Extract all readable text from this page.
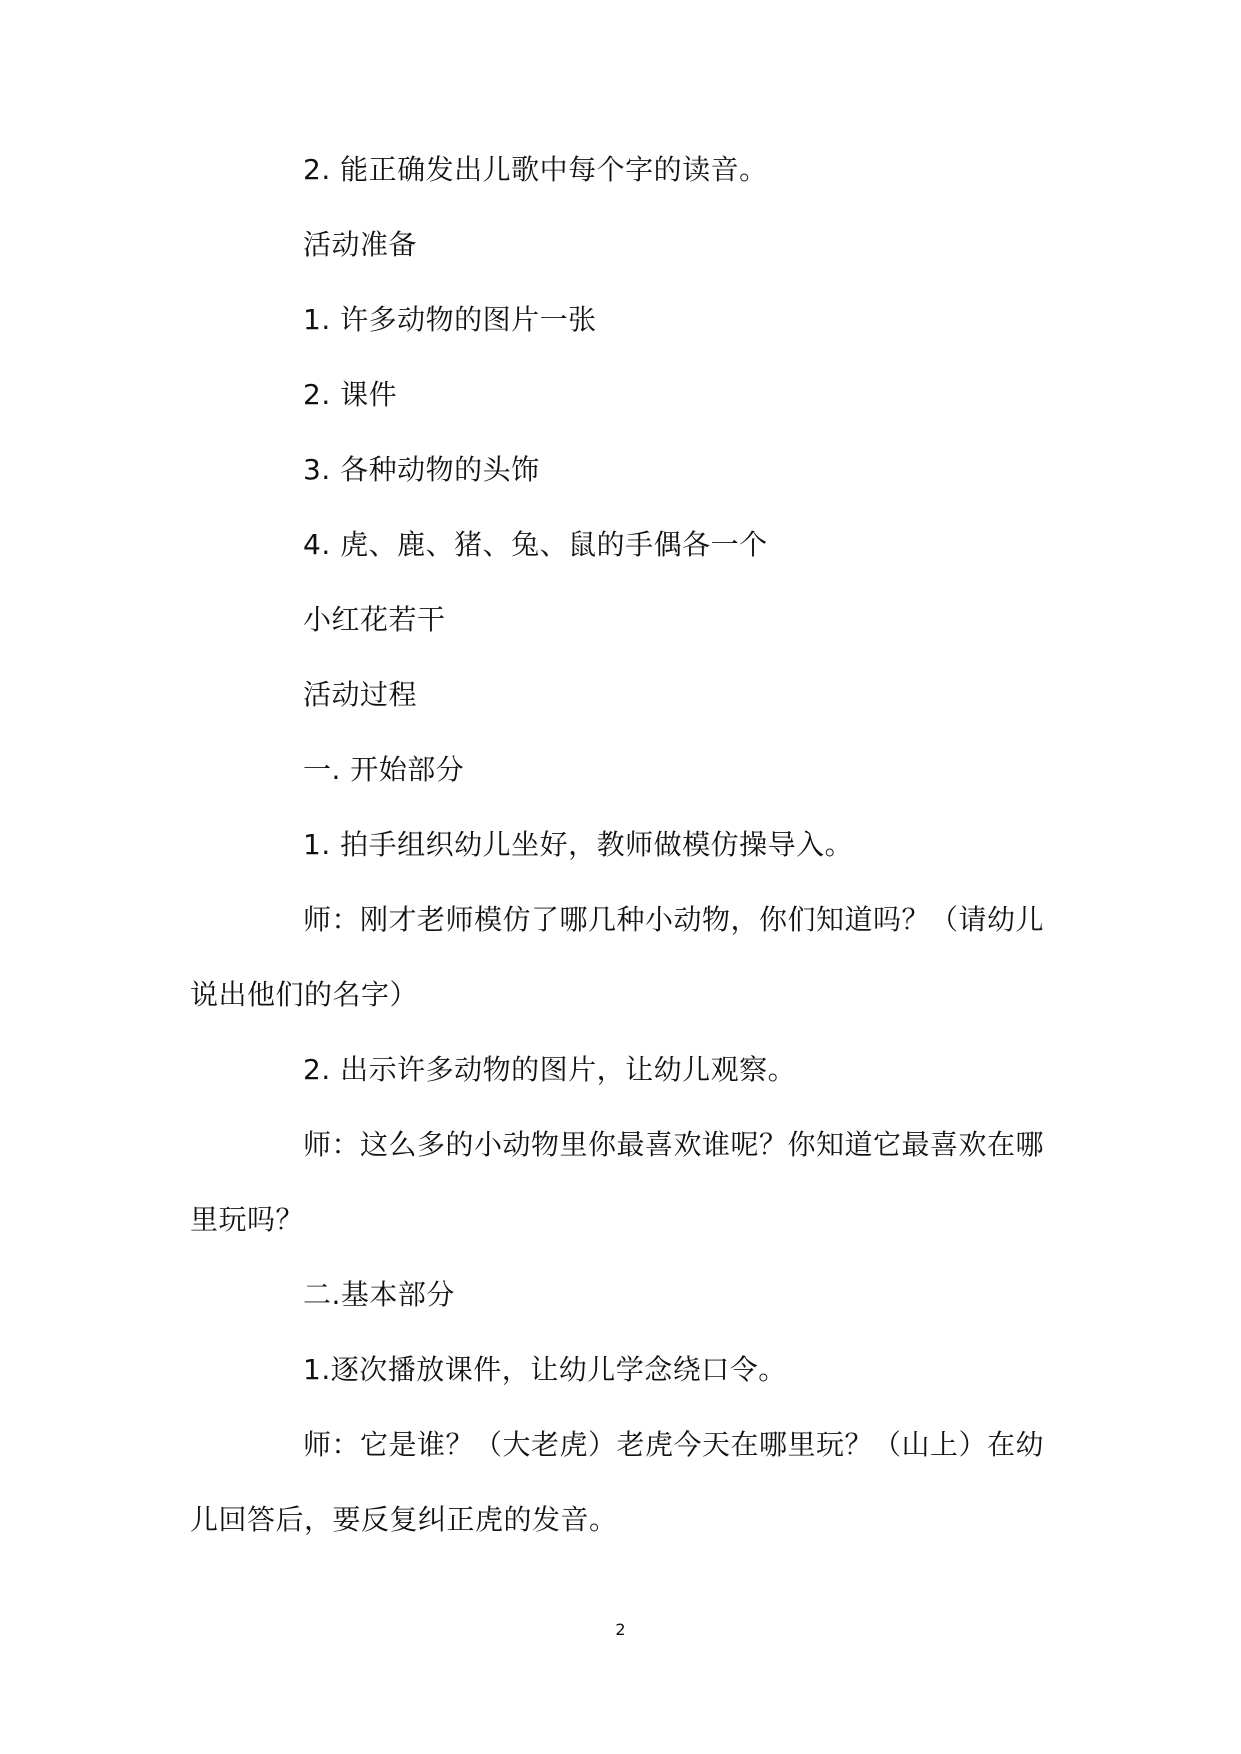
2. 能正确发出儿歌中每个字的读音。
活动准备
1. 许多动物的图片一张
2. 课件
3. 各种动物的头饰
4. 虎、鹿、猪、兔、鼠的手偶各一个
小红花若干
活动过程
一. 开始部分
1. 拍手组织幼儿坐好，教师做模仿操导入。
师：刚才老师模仿了哪几种小动物，你们知道吗？（请幼儿
说出他们的名字）
2. 出示许多动物的图片，让幼儿观察。
师：这么多的小动物里你最喜欢谁呢？你知道它最喜欢在哪
里玩吗？
二.基本部分
1.逐次播放课件，让幼儿学念绕口令。
师：它是谁？（大老虎）老虎今天在哪里玩？（山上）在幼
儿回答后，要反复纠正虎的发音。
2
